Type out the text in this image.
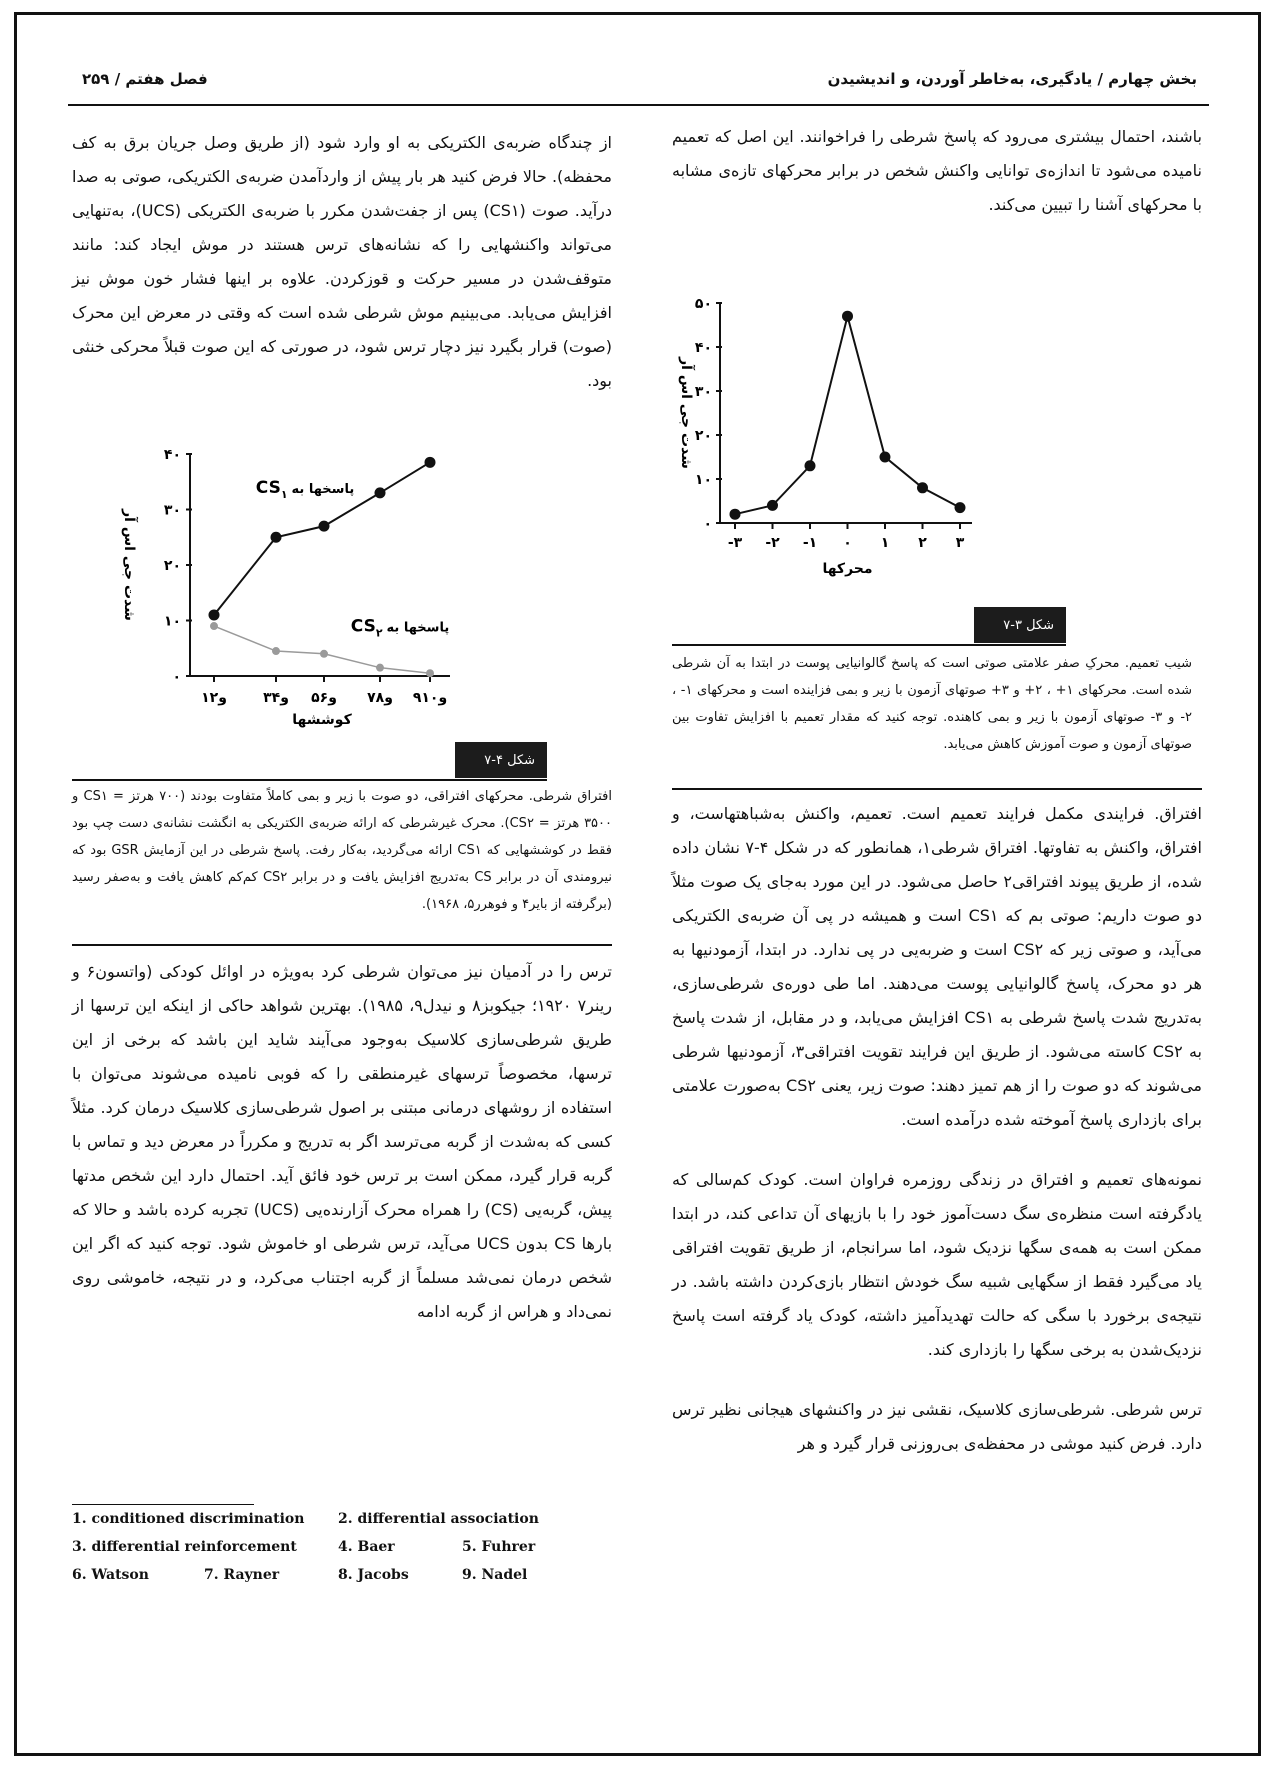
بخش چهارم / یادگیری، به‌خاطر آوردن، و اندیشیدن
فصل هفتم / ۲۵۹
باشند، احتمال بیشتری می‌رود که پاسخ شرطی را فراخوانند. این اصل که تعمیم نامیده می‌شود تا اندازه‌ی توانایی واکنش شخص در برابر محرکهای تازه‌ی مشابه با محرکهای آشنا را تبیین می‌کند.
۰
۱۰
۲۰
۳۰
۴۰
۵۰
-۳ -۲ -۱ ۰ ۱ ۲ ۳
محرکها
شدت جی اس آر
شکل ۳-۷
شیب تعمیم. محرکِ صفر علامتی صوتی است که پاسخ گالوانیایی پوست در ابتدا به آن شرطی شده است. محرکهای ۱+ ، ۲+ و ۳+ صوتهای آزمون با زیر و بمی فزاینده است و محرکهای ۱- ، ۲- و ۳- صوتهای آزمون با زیر و بمی کاهنده. توجه کنید که مقدار تعمیم با افزایش تفاوت بین صوتهای آزمون و صوت آموزش کاهش می‌یابد.
افتراق. فرایندی مکمل فرایند تعمیم است. تعمیم، واکنش به‌شباهتهاست، و افتراق، واکنش به تفاوتها. افتراق شرطی۱، همانطور که در شکل ۴-۷ نشان داده شده، از طریق پیوند افتراقی۲ حاصل می‌شود. در این مورد به‌جای یک صوت مثلاً دو صوت داریم: صوتی بم که CS۱ است و همیشه در پی آن ضربه‌ی الکتریکی می‌آید، و صوتی زیر که CS۲ است و ضربه‌یی در پی ندارد. در ابتدا، آزمودنیها به هر دو محرک، پاسخ گالوانیایی پوست می‌دهند. اما طی دوره‌ی شرطی‌سازی، به‌تدریج شدت پاسخ شرطی به CS۱ افزایش می‌یابد، و در مقابل، از شدت پاسخ به CS۲ کاسته می‌شود. از طریق این فرایند تقویت افتراقی۳، آزمودنیها شرطی می‌شوند که دو صوت را از هم تمیز دهند: صوت زیر، یعنی CS۲ به‌صورت علامتی برای بازداری پاسخ آموخته شده درآمده است.
نمونه‌های تعمیم و افتراق در زندگی روزمره فراوان است. کودک کم‌سالی که یادگرفته است منظره‌ی سگ دست‌آموز خود را با بازیهای آن تداعی کند، در ابتدا ممکن است به همه‌ی سگها نزدیک شود، اما سرانجام، از طریق تقویت افتراقی یاد می‌گیرد فقط از سگهایی شبیه سگ خودش انتظار بازی‌کردن داشته باشد. در نتیجه‌ی برخورد با سگی که حالت تهدیدآمیز داشته، کودک یاد گرفته است پاسخ نزدیک‌شدن به برخی سگها را بازداری کند.
ترس شرطی. شرطی‌سازی کلاسیک، نقشی نیز در واکنشهای هیجانی نظیر ترس دارد. فرض کنید موشی در محفظه‌ی بی‌روزنی قرار گیرد و هر
از چندگاه ضربه‌ی الکتریکی به او وارد شود (از طریق وصل جریان برق به کف محفظه). حالا فرض کنید هر بار پیش از واردآمدن ضربه‌ی الکتریکی، صوتی به صدا درآید. صوت (CS۱) پس از جفت‌شدن مکرر با ضربه‌ی الکتریکی (UCS)، به‌تنهایی می‌تواند واکنشهایی را که نشانه‌های ترس هستند در موش ایجاد کند: مانند متوقف‌شدن در مسیر حرکت و قوزکردن. علاوه بر اینها فشار خون موش نیز افزایش می‌یابد. می‌بینیم موش شرطی شده است که وقتی در معرض این محرک (صوت) قرار بگیرد نیز دچار ترس شود، در صورتی که این صوت قبلاً محرکی خنثی بود.
۰
۱۰
۲۰
۳۰
۴۰
۱و۲	۳و۴ ۵و۶ ۷و۸ ۹و۱۰
$CS_۱$ پاسخها به
$CS_۲$ پاسخها به
کوششها
شدت جی اس آر
شکل ۴-۷
افتراق شرطی. محرکهای افتراقی، دو صوت با زیر و بمی کاملاً متفاوت بودند (۷۰۰ هرتز = CS۱ و ۳۵۰۰ هرتز = CS۲). محرک غیرشرطی که ارائه ضربه‌ی الکتریکی به انگشت نشانه‌ی دست چپ بود فقط در کوششهایی که CS۱ ارائه می‌گردید، به‌کار رفت. پاسخ شرطی در این آزمایش GSR بود که نیرومندی آن در برابر CS به‌تدریج افزایش یافت و در برابر CS۲ کم‌کم کاهش یافت و به‌صفر رسید (برگرفته از بایر۴ و فوهرر۵، ۱۹۶۸).
ترس را در آدمیان نیز می‌توان شرطی کرد به‌ویژه در اوائل کودکی (واتسون۶ و رینر۷ ۱۹۲۰؛ جیکوبز۸ و نیدل۹، ۱۹۸۵). بهترین شواهد حاکی از اینکه این ترسها از طریق شرطی‌سازی کلاسیک به‌وجود می‌آیند شاید این باشد که برخی از این ترسها، مخصوصاً ترسهای غیرمنطقی را که فوبی نامیده می‌شوند می‌توان با استفاده از روشهای درمانی مبتنی بر اصول شرطی‌سازی کلاسیک درمان کرد. مثلاً کسی که به‌شدت از گربه می‌ترسد اگر به تدریج و مکرراً در معرض دید و تماس با گربه قرار گیرد، ممکن است بر ترس خود فائق آید. احتمال دارد این شخص مدتها پیش، گربه‌یی (CS) را همراه محرک آزارنده‌یی (UCS) تجربه کرده باشد و حالا که بارها CS بدون UCS می‌آید، ترس شرطی او خاموش شود. توجه کنید که اگر این شخص درمان نمی‌شد مسلماً از گربه اجتناب می‌کرد، و در نتیجه، خاموشی روی نمی‌داد و هراس از گربه ادامه
1. conditioned discrimination 2. differential association
3. differential reinforcement	4. Baer	5. Fuhrer
6. Watson	7. Rayner	8. Jacobs	9. Nadel
